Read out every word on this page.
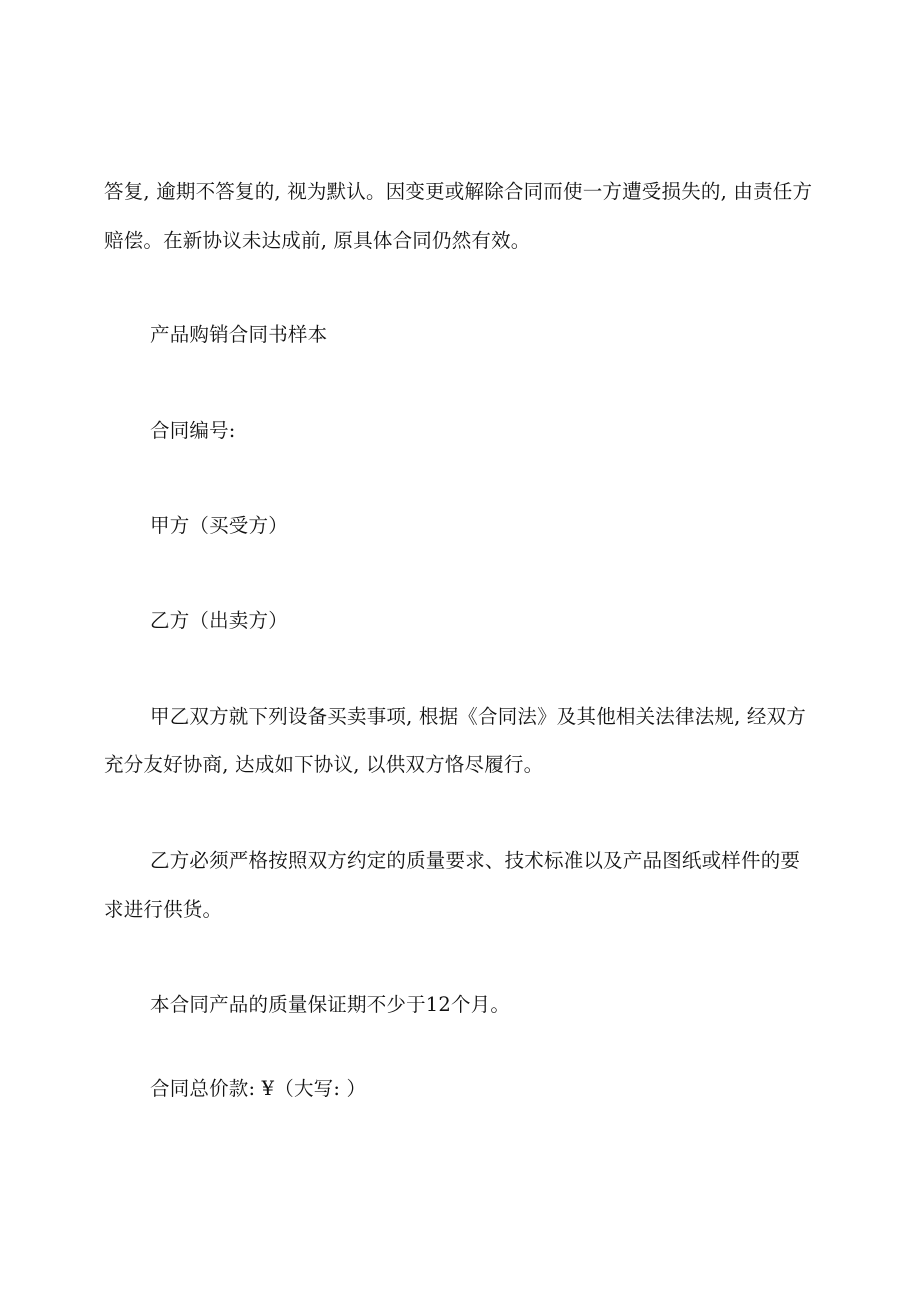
答复, 逾期不答复的, 视为默认。因变更或解除合同而使一方遭受损失的, 由责任方
赔偿。在新协议未达成前, 原具体合同仍然有效。
产品购销合同书样本
合同编号:
甲方（买受方）
乙方（出卖方）
甲乙双方就下列设备买卖事项, 根据《合同法》及其他相关法律法规, 经双方
充分友好协商, 达成如下协议, 以供双方恪尽履行。
乙方必须严格按照双方约定的质量要求、技术标准以及产品图纸或样件的要
求进行供货。
本合同产品的质量保证期不少于12个月。
合同总价款: ¥（大写: ）
